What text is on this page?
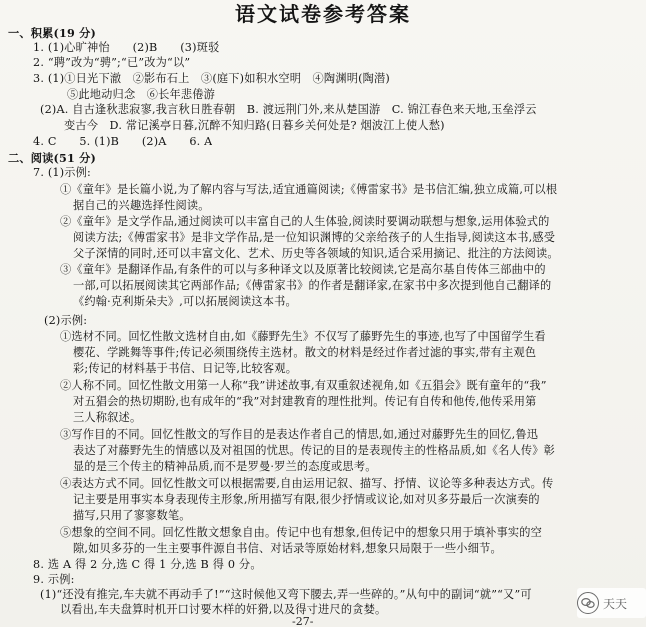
语文试卷参考答案
一、积累(19 分)
1. (1)心旷神怡　　(2)B　　(3)斑驳
2. “聘”改为“骋”;“已”改为“以”
3. (1)①日光下澈　②影布石上　③(庭下)如积水空明　④陶渊明(陶潜)
⑤此地动归念　⑥长年悲倦游
(2)A. 自古逢秋悲寂寥,我言秋日胜春朝　B. 渡远荆门外,来从楚国游　C. 锦江春色来天地,玉垒浮云
变古今　D. 常记溪亭日暮,沉醉不知归路(日暮乡关何处是? 烟波江上使人愁)
4. C　　5. (1)B　　(2)A　　6. A
二、阅读(51 分)
7. (1)示例:
①《童年》是长篇小说,为了解内容与写法,适宜通篇阅读;《傅雷家书》是书信汇编,独立成篇,可以根
据自己的兴趣选择性阅读。
②《童年》是文学作品,通过阅读可以丰富自己的人生体验,阅读时要调动联想与想象,运用体验式的
阅读方法;《傅雷家书》是非文学作品,是一位知识渊博的父亲给孩子的人生指导,阅读这本书,感受
父子深情的同时,还可以丰富文化、艺术、历史等各领域的知识,适合采用摘记、批注的方法阅读。
③《童年》是翻译作品,有条件的可以与多种译文以及原著比较阅读,它是高尔基自传体三部曲中的
一部,可以拓展阅读其它两部作品;《傅雷家书》的作者是翻译家,在家书中多次提到他自己翻译的
《约翰·克利斯朵夫》,可以拓展阅读这本书。
(2)示例:
①选材不同。回忆性散文选材自由,如《藤野先生》不仅写了藤野先生的事迹,也写了中国留学生看
樱花、学跳舞等事件;传记必须围绕传主选材。散文的材料是经过作者过滤的事实,带有主观色
彩;传记的材料基于书信、日记等,比较客观。
②人称不同。回忆性散文用第一人称“我”讲述故事,有双重叙述视角,如《五猖会》既有童年的“我”
对五猖会的热切期盼,也有成年的“我”对封建教育的理性批判。传记有自传和他传,他传采用第
三人称叙述。
③写作目的不同。回忆性散文的写作目的是表达作者自己的情思,如,通过对藤野先生的回忆,鲁迅
表达了对藤野先生的情感以及对祖国的忧思。传记的目的是表现传主的性格品质,如《名人传》彰
显的是三个传主的精神品质,而不是罗曼·罗兰的态度或思考。
④表达方式不同。回忆性散文可以根据需要,自由运用记叙、描写、抒情、议论等多种表达方式。传
记主要是用事实本身表现传主形象,所用描写有限,很少抒情或议论,如对贝多芬最后一次演奏的
描写,只用了寥寥数笔。
⑤想象的空间不同。回忆性散文想象自由。传记中也有想象,但传记中的想象只用于填补事实的空
隙,如贝多芬的一生主要事件源自书信、对话录等原始材料,想象只局限于一些小细节。
8. 选 A 得 2 分,选 C 得 1 分,选 B 得 0 分。
9. 示例:
(1)“还没有推完,车夫就不再动手了!”“这时候他又弯下腰去,弄一些碎的。”从句中的副词“就”“又”可
以看出,车夫盘算时机开口讨要木样的奸猾,以及得寸进尺的贪婪。
-27-
天天
